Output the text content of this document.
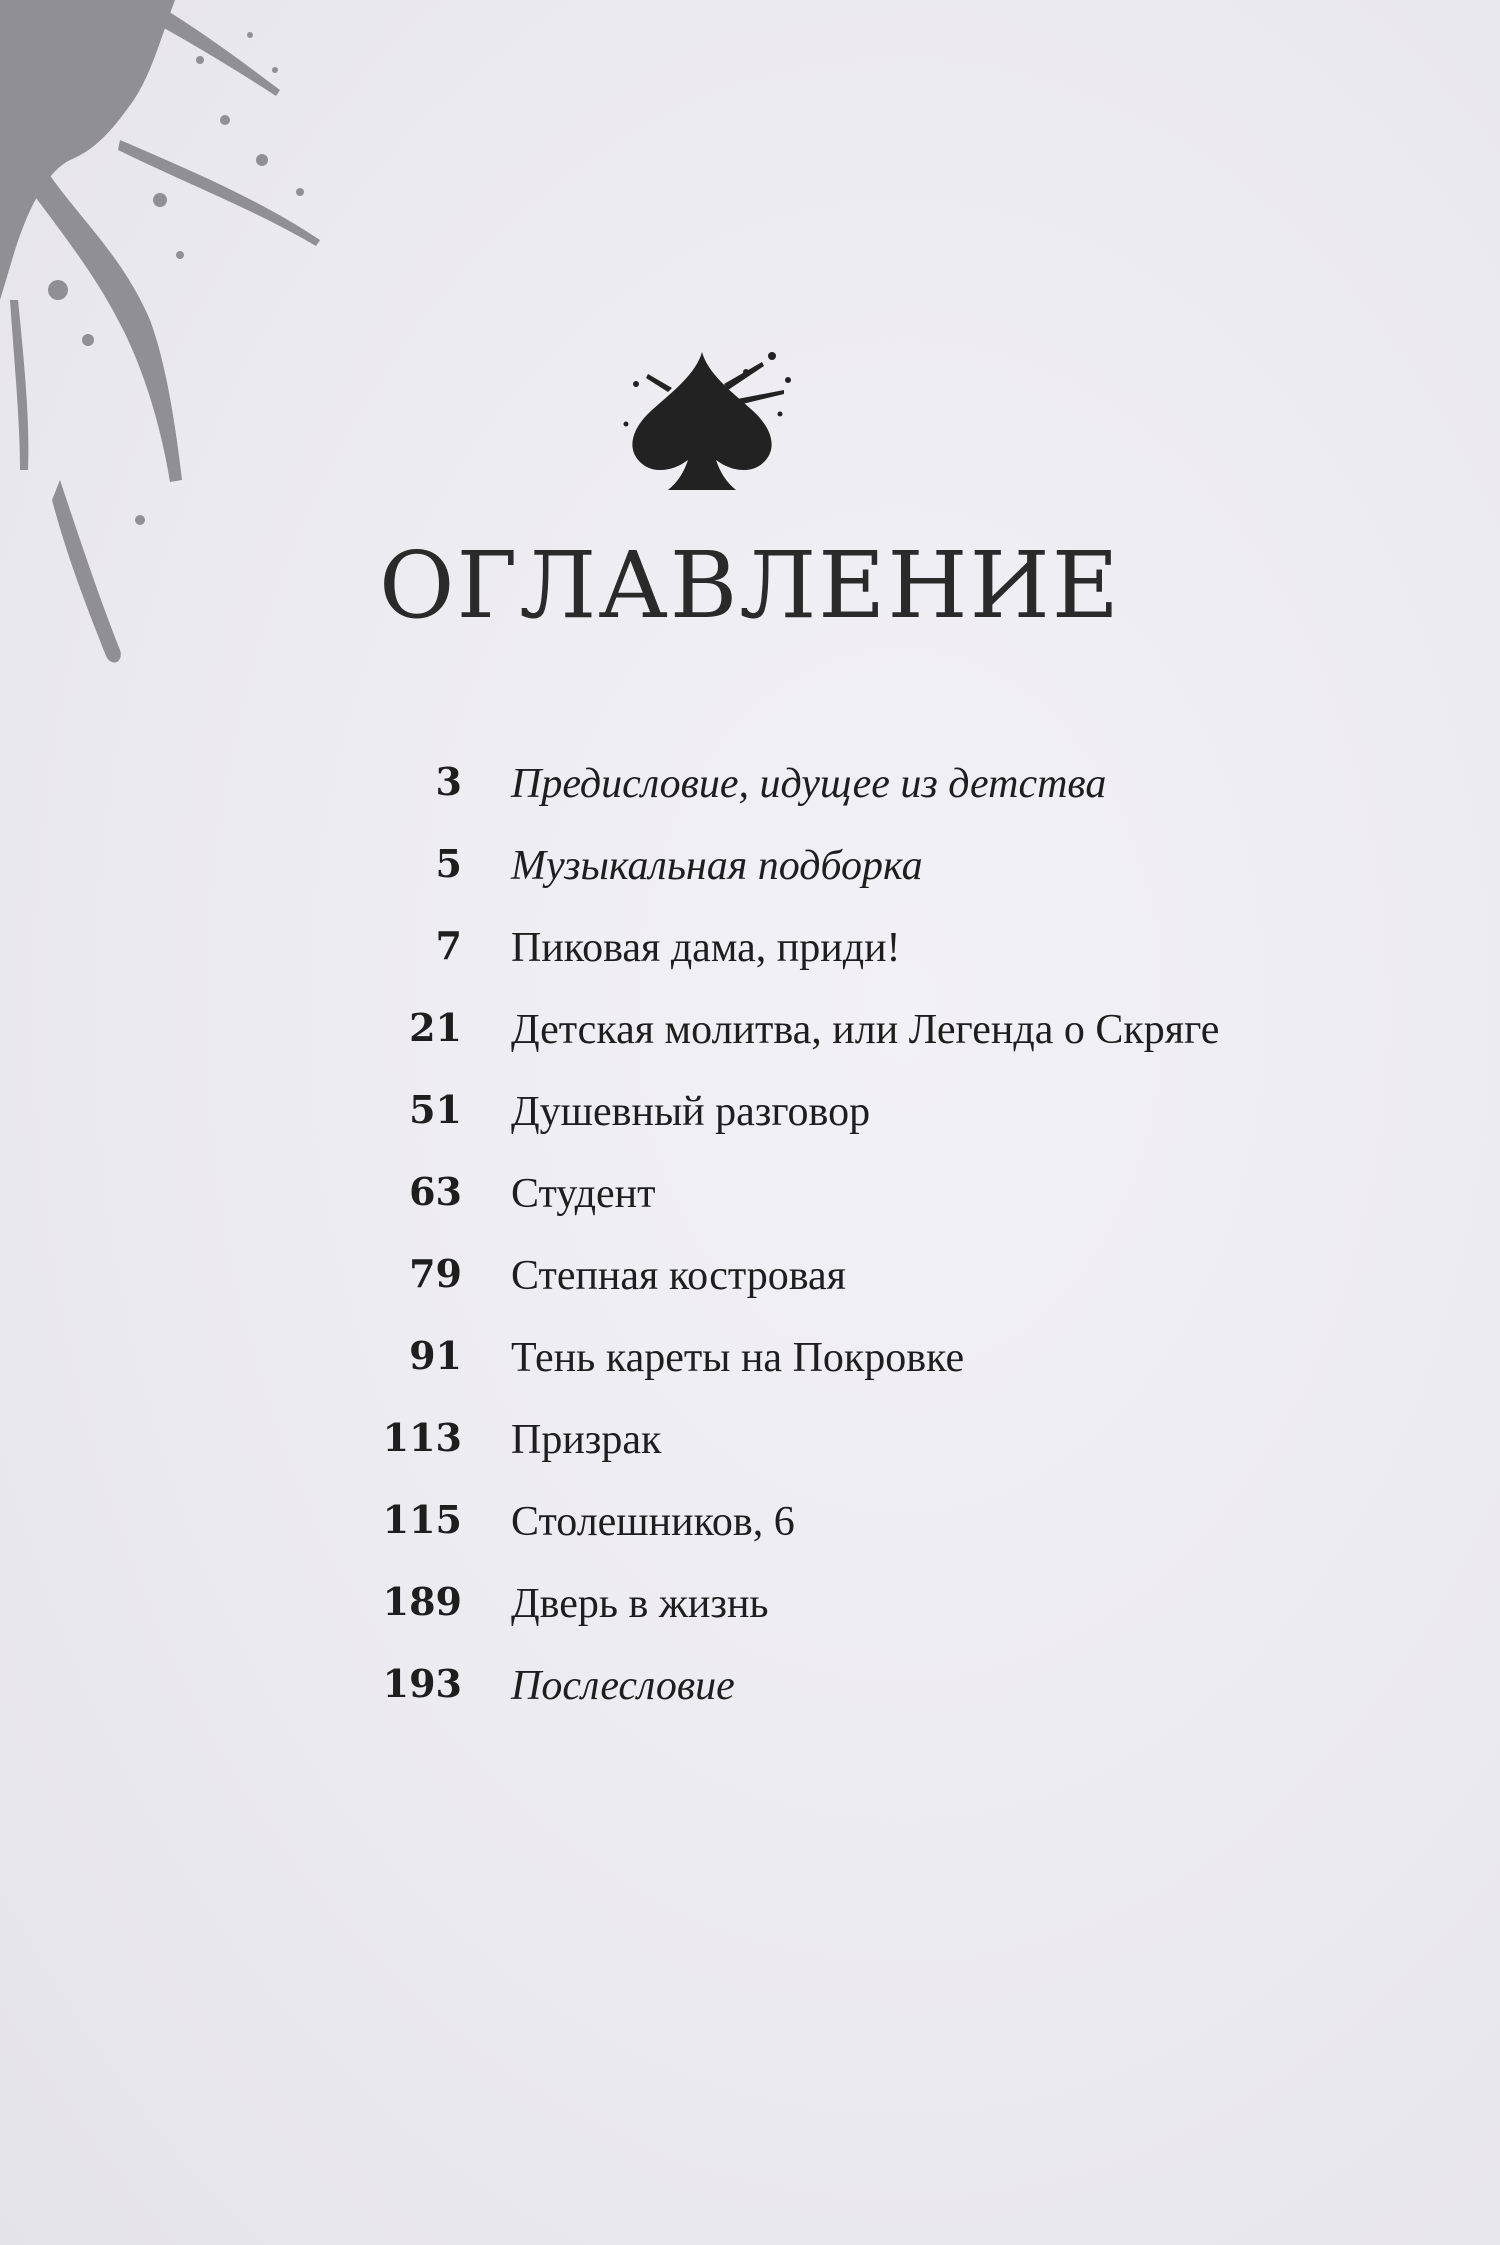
ОГЛАВЛЕНИЕ
3 Предисловие, идущее из детства
5 Музыкальная подборка
7 Пиковая дама, приди!
21 Детская молитва, или Легенда о Скряге
51 Душевный разговор
63 Студент
79 Степная костровая
91 Тень кареты на Покровке
113 Призрак
115 Столешников, 6
189 Дверь в жизнь
193 Послесловие
